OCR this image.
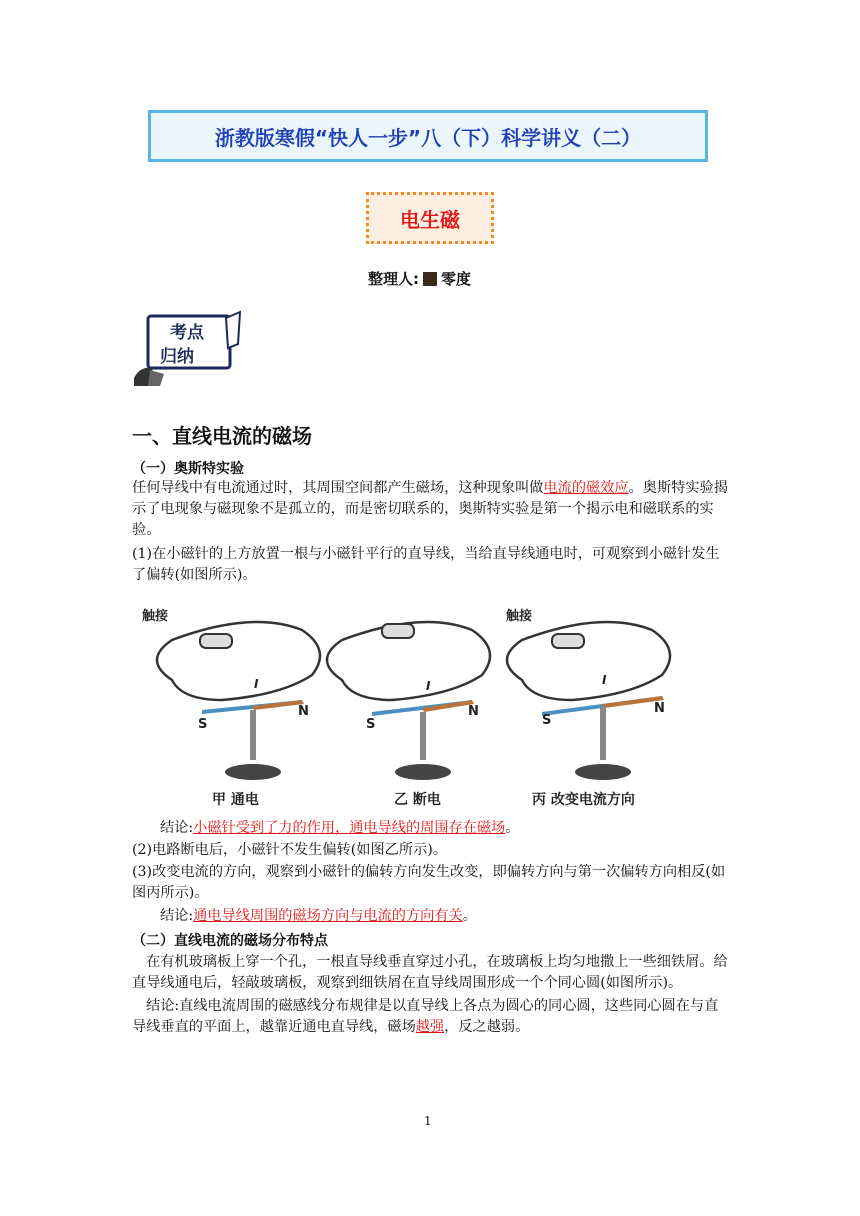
浙教版寒假“快人一步”八（下）科学讲义（二）
电生磁
整理人: 零度
考点
归纳
一、直线电流的磁场
（一）奥斯特实验
任何导线中有电流通过时，其周围空间都产生磁场，这种现象叫做电流的磁效应。奥斯特实验揭示了电现象与磁现象不是孤立的，而是密切联系的，奥斯特实验是第一个揭示电和磁联系的实验。
(1)在小磁针的上方放置一根与小磁针平行的直导线，当给直导线通电时，可观察到小磁针发生了偏转(如图所示)。
触接
I
S
N
甲 通电
I
S
N
乙 断电
触接
I
S
N
丙 改变电流方向
结论:小磁针受到了力的作用，通电导线的周围存在磁场。
(2)电路断电后，小磁针不发生偏转(如图乙所示)。
(3)改变电流的方向，观察到小磁针的偏转方向发生改变，即偏转方向与第一次偏转方向相反(如图丙所示)。
结论:通电导线周围的磁场方向与电流的方向有关。
（二）直线电流的磁场分布特点
在有机玻璃板上穿一个孔，一根直导线垂直穿过小孔，在玻璃板上均匀地撒上一些细铁屑。给直导线通电后，轻敲玻璃板，观察到细铁屑在直导线周围形成一个个同心圆(如图所示)。
结论:直线电流周围的磁感线分布规律是以直导线上各点为圆心的同心圆，这些同心圆在与直导线垂直的平面上，越靠近通电直导线，磁场越强，反之越弱。
1
